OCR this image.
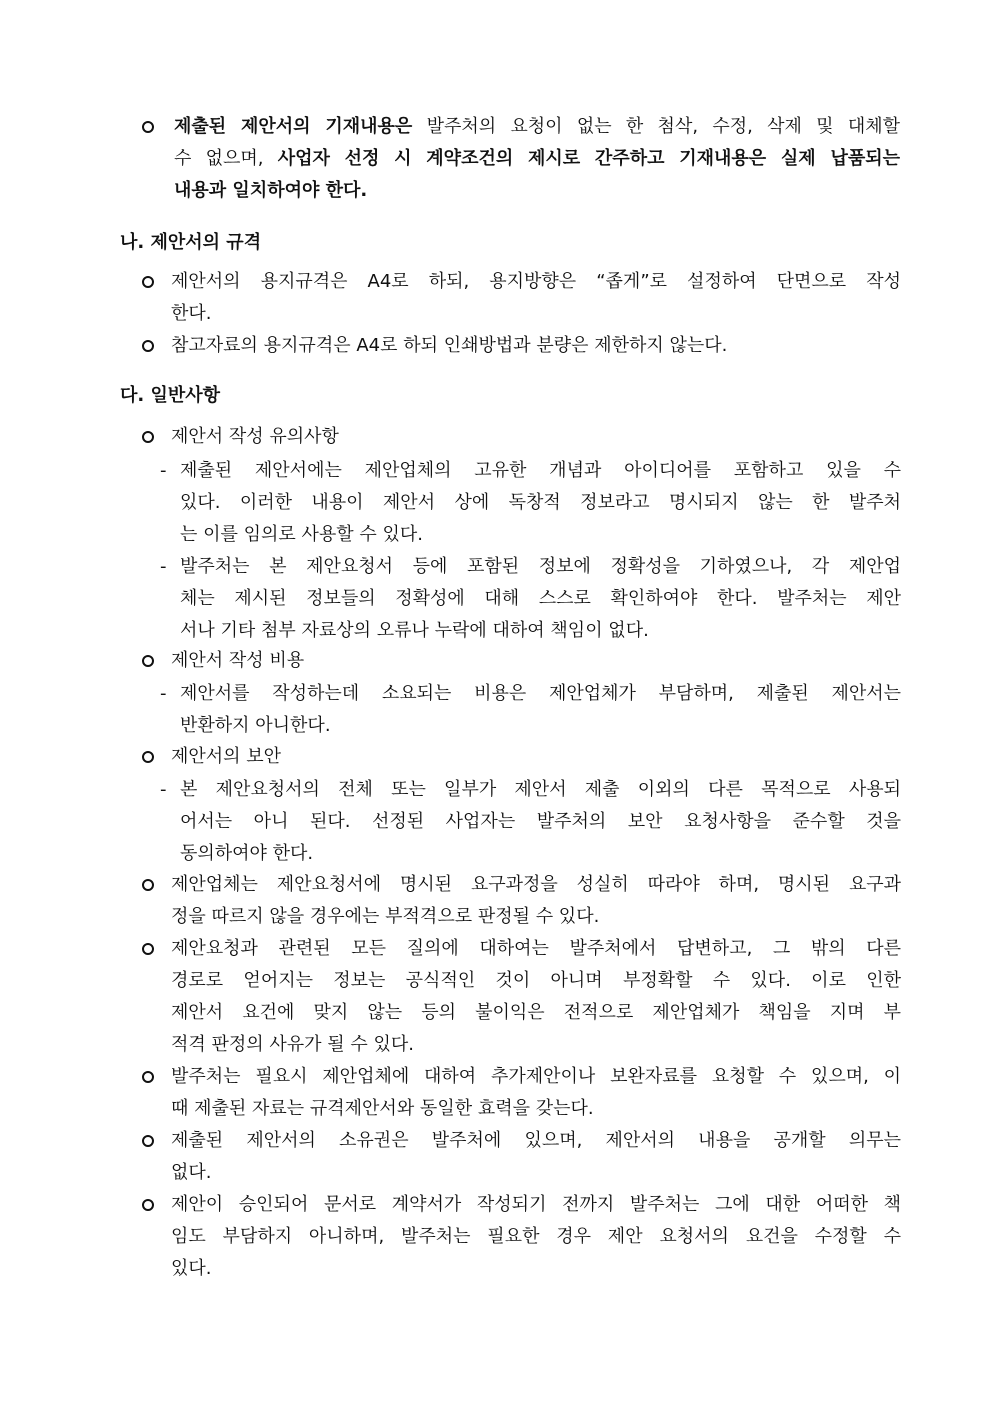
제출된 제안서의 기재내용은 발주처의 요청이 없는 한 첨삭, 수정, 삭제 및 대체할
수 없으며, 사업자 선정 시 계약조건의 제시로 간주하고 기재내용은 실제 납품되는
내용과 일치하여야 한다.
나. 제안서의 규격
제안서의 용지규격은 A4로 하되, 용지방향은 “좁게”로 설정하여 단면으로 작성
한다.
참고자료의 용지규격은 A4로 하되 인쇄방법과 분량은 제한하지 않는다.
다. 일반사항
제안서 작성 유의사항
- 제출된 제안서에는 제안업체의 고유한 개념과 아이디어를 포함하고 있을 수
있다. 이러한 내용이 제안서 상에 독창적 정보라고 명시되지 않는 한 발주처
는 이를 임의로 사용할 수 있다.
- 발주처는 본 제안요청서 등에 포함된 정보에 정확성을 기하였으나, 각 제안업
체는 제시된 정보들의 정확성에 대해 스스로 확인하여야 한다. 발주처는 제안
서나 기타 첨부 자료상의 오류나 누락에 대하여 책임이 없다.
제안서 작성 비용
- 제안서를 작성하는데 소요되는 비용은 제안업체가 부담하며, 제출된 제안서는
반환하지 아니한다.
제안서의 보안
- 본 제안요청서의 전체 또는 일부가 제안서 제출 이외의 다른 목적으로 사용되
어서는 아니 된다. 선정된 사업자는 발주처의 보안 요청사항을 준수할 것을
동의하여야 한다.
제안업체는 제안요청서에 명시된 요구과정을 성실히 따라야 하며, 명시된 요구과
정을 따르지 않을 경우에는 부적격으로 판정될 수 있다.
제안요청과 관련된 모든 질의에 대하여는 발주처에서 답변하고, 그 밖의 다른
경로로 얻어지는 정보는 공식적인 것이 아니며 부정확할 수 있다. 이로 인한
제안서 요건에 맞지 않는 등의 불이익은 전적으로 제안업체가 책임을 지며 부
적격 판정의 사유가 될 수 있다.
발주처는 필요시 제안업체에 대하여 추가제안이나 보완자료를 요청할 수 있으며, 이
때 제출된 자료는 규격제안서와 동일한 효력을 갖는다.
제출된 제안서의 소유권은 발주처에 있으며, 제안서의 내용을 공개할 의무는
없다.
제안이 승인되어 문서로 계약서가 작성되기 전까지 발주처는 그에 대한 어떠한 책
임도 부담하지 아니하며, 발주처는 필요한 경우 제안 요청서의 요건을 수정할 수
있다.
